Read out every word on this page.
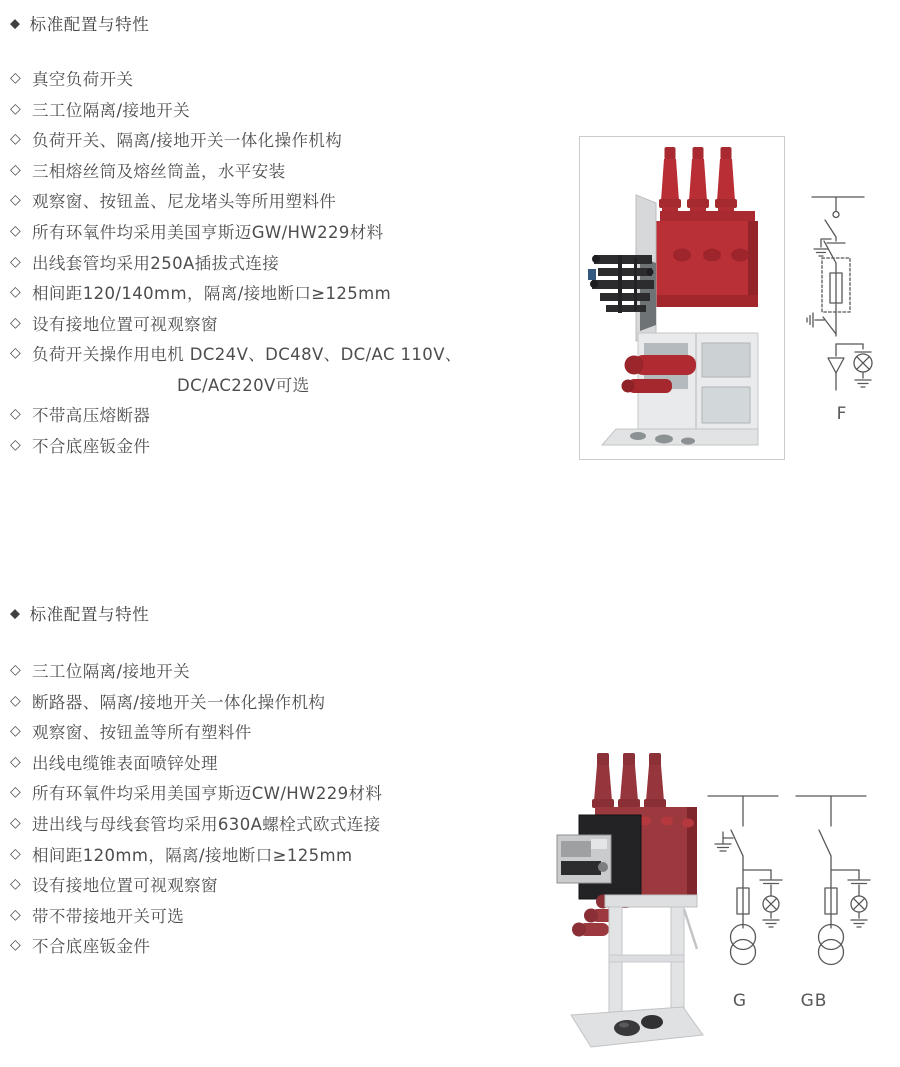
◆ 标准配置与特性
◇ 真空负荷开关
◇ 三工位隔离/接地开关
◇ 负荷开关、隔离/接地开关一体化操作机构
◇ 三相熔丝筒及熔丝筒盖，水平安装
◇ 观察窗、按钮盖、尼龙堵头等所用塑料件
◇ 所有环氧件均采用美国亨斯迈GW/HW229材料
◇ 出线套管均采用250A插拔式连接
◇ 相间距120/140mm，隔离/接地断口≥125mm
◇ 设有接地位置可视观察窗
◇ 负荷开关操作用电机 DC24V、DC48V、DC/AC 110V、
DC/AC220V可选
◇ 不带高压熔断器
◇ 不合底座钣金件
F
◆ 标准配置与特性
◇ 三工位隔离/接地开关
◇ 断路器、隔离/接地开关一体化操作机构
◇ 观察窗、按钮盖等所有塑料件
◇ 出线电缆锥表面喷锌处理
◇ 所有环氧件均采用美国亨斯迈CW/HW229材料
◇ 进出线与母线套管均采用630A螺栓式欧式连接
◇ 相间距120mm，隔离/接地断口≥125mm
◇ 设有接地位置可视观察窗
◇ 带不带接地开关可选
◇ 不合底座钣金件
G	GB
